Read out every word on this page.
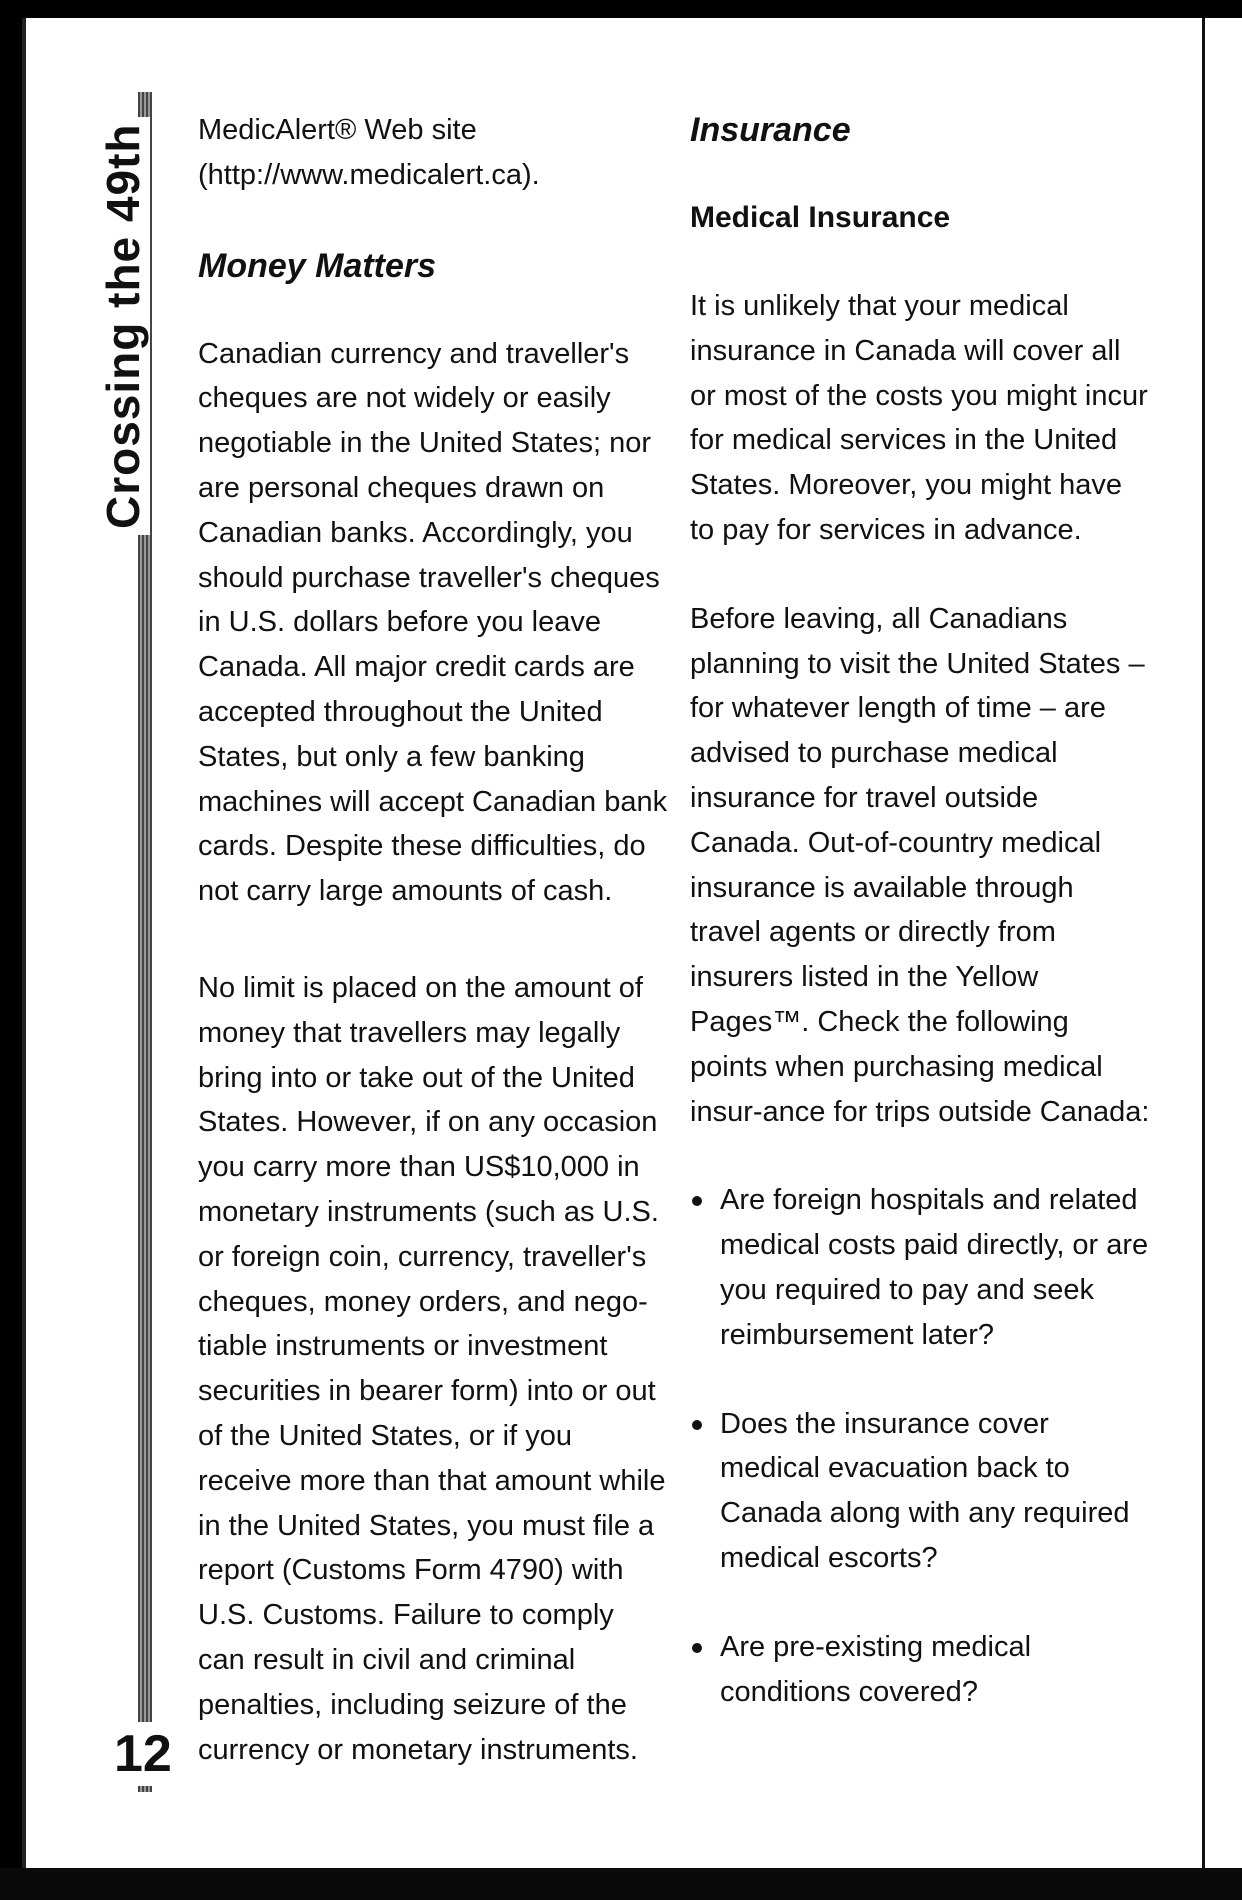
Crossing the 49th
12

MedicAlert® Web site (http://www.medicalert.ca).

Money Matters

Canadian currency and traveller's cheques are not widely or easily negotiable in the United States; nor are personal cheques drawn on Canadian banks. Accordingly, you should purchase traveller's cheques in U.S. dollars before you leave Canada. All major credit cards are accepted throughout the United States, but only a few banking machines will accept Canadian bank cards. Despite these difficulties, do not carry large amounts of cash.

No limit is placed on the amount of money that travellers may legally bring into or take out of the United States. However, if on any occasion you carry more than US$10,000 in monetary instruments (such as U.S. or foreign coin, currency, traveller's cheques, money orders, and nego-tiable instruments or investment securities in bearer form) into or out of the United States, or if you receive more than that amount while in the United States, you must file a report (Customs Form 4790) with U.S. Customs. Failure to comply can result in civil and criminal penalties, including seizure of the currency or monetary instruments.

Insurance
Medical Insurance

It is unlikely that your medical insurance in Canada will cover all or most of the costs you might incur for medical services in the United States. Moreover, you might have to pay for services in advance.

Before leaving, all Canadians planning to visit the United States – for whatever length of time – are advised to purchase medical insurance for travel outside Canada. Out-of-country medical insurance is available through travel agents or directly from insurers listed in the Yellow Pages™. Check the following points when purchasing medical insur-ance for trips outside Canada:

Are foreign hospitals and related medical costs paid directly, or are you required to pay and seek reimbursement later?
Does the insurance cover medical evacuation back to Canada along with any required medical escorts?
Are pre-existing medical conditions covered?
